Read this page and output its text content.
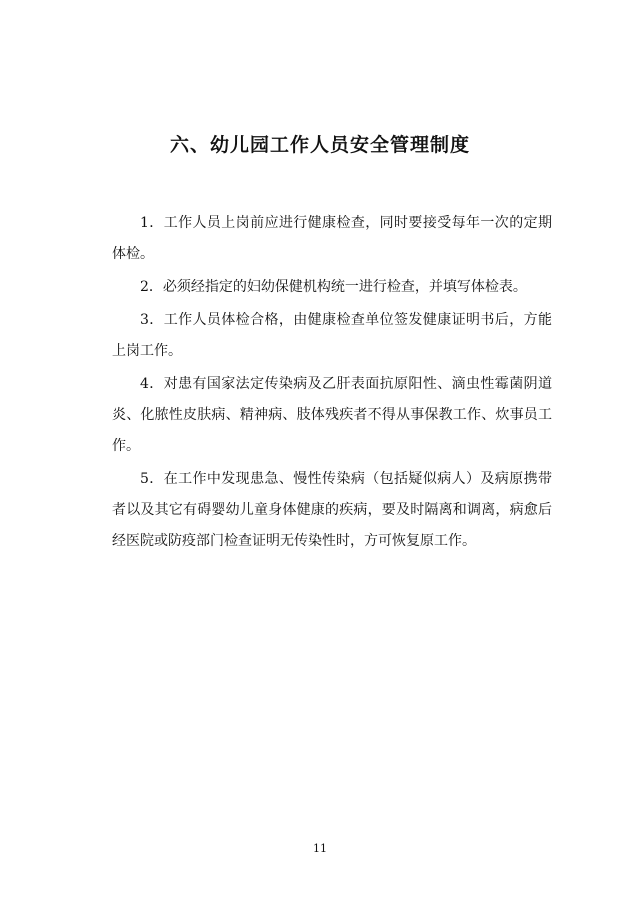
六、幼儿园工作人员安全管理制度

1．工作人员上岗前应进行健康检查，同时要接受每年一次的定期体检。

2．必须经指定的妇幼保健机构统一进行检查，并填写体检表。

3．工作人员体检合格，由健康检查单位签发健康证明书后，方能上岗工作。

4．对患有国家法定传染病及乙肝表面抗原阳性、滴虫性霉菌阴道炎、化脓性皮肤病、精神病、肢体残疾者不得从事保教工作、炊事员工作。

5．在工作中发现患急、慢性传染病（包括疑似病人）及病原携带者以及其它有碍婴幼儿童身体健康的疾病，要及时隔离和调离，病愈后经医院或防疫部门检查证明无传染性时，方可恢复原工作。

11
